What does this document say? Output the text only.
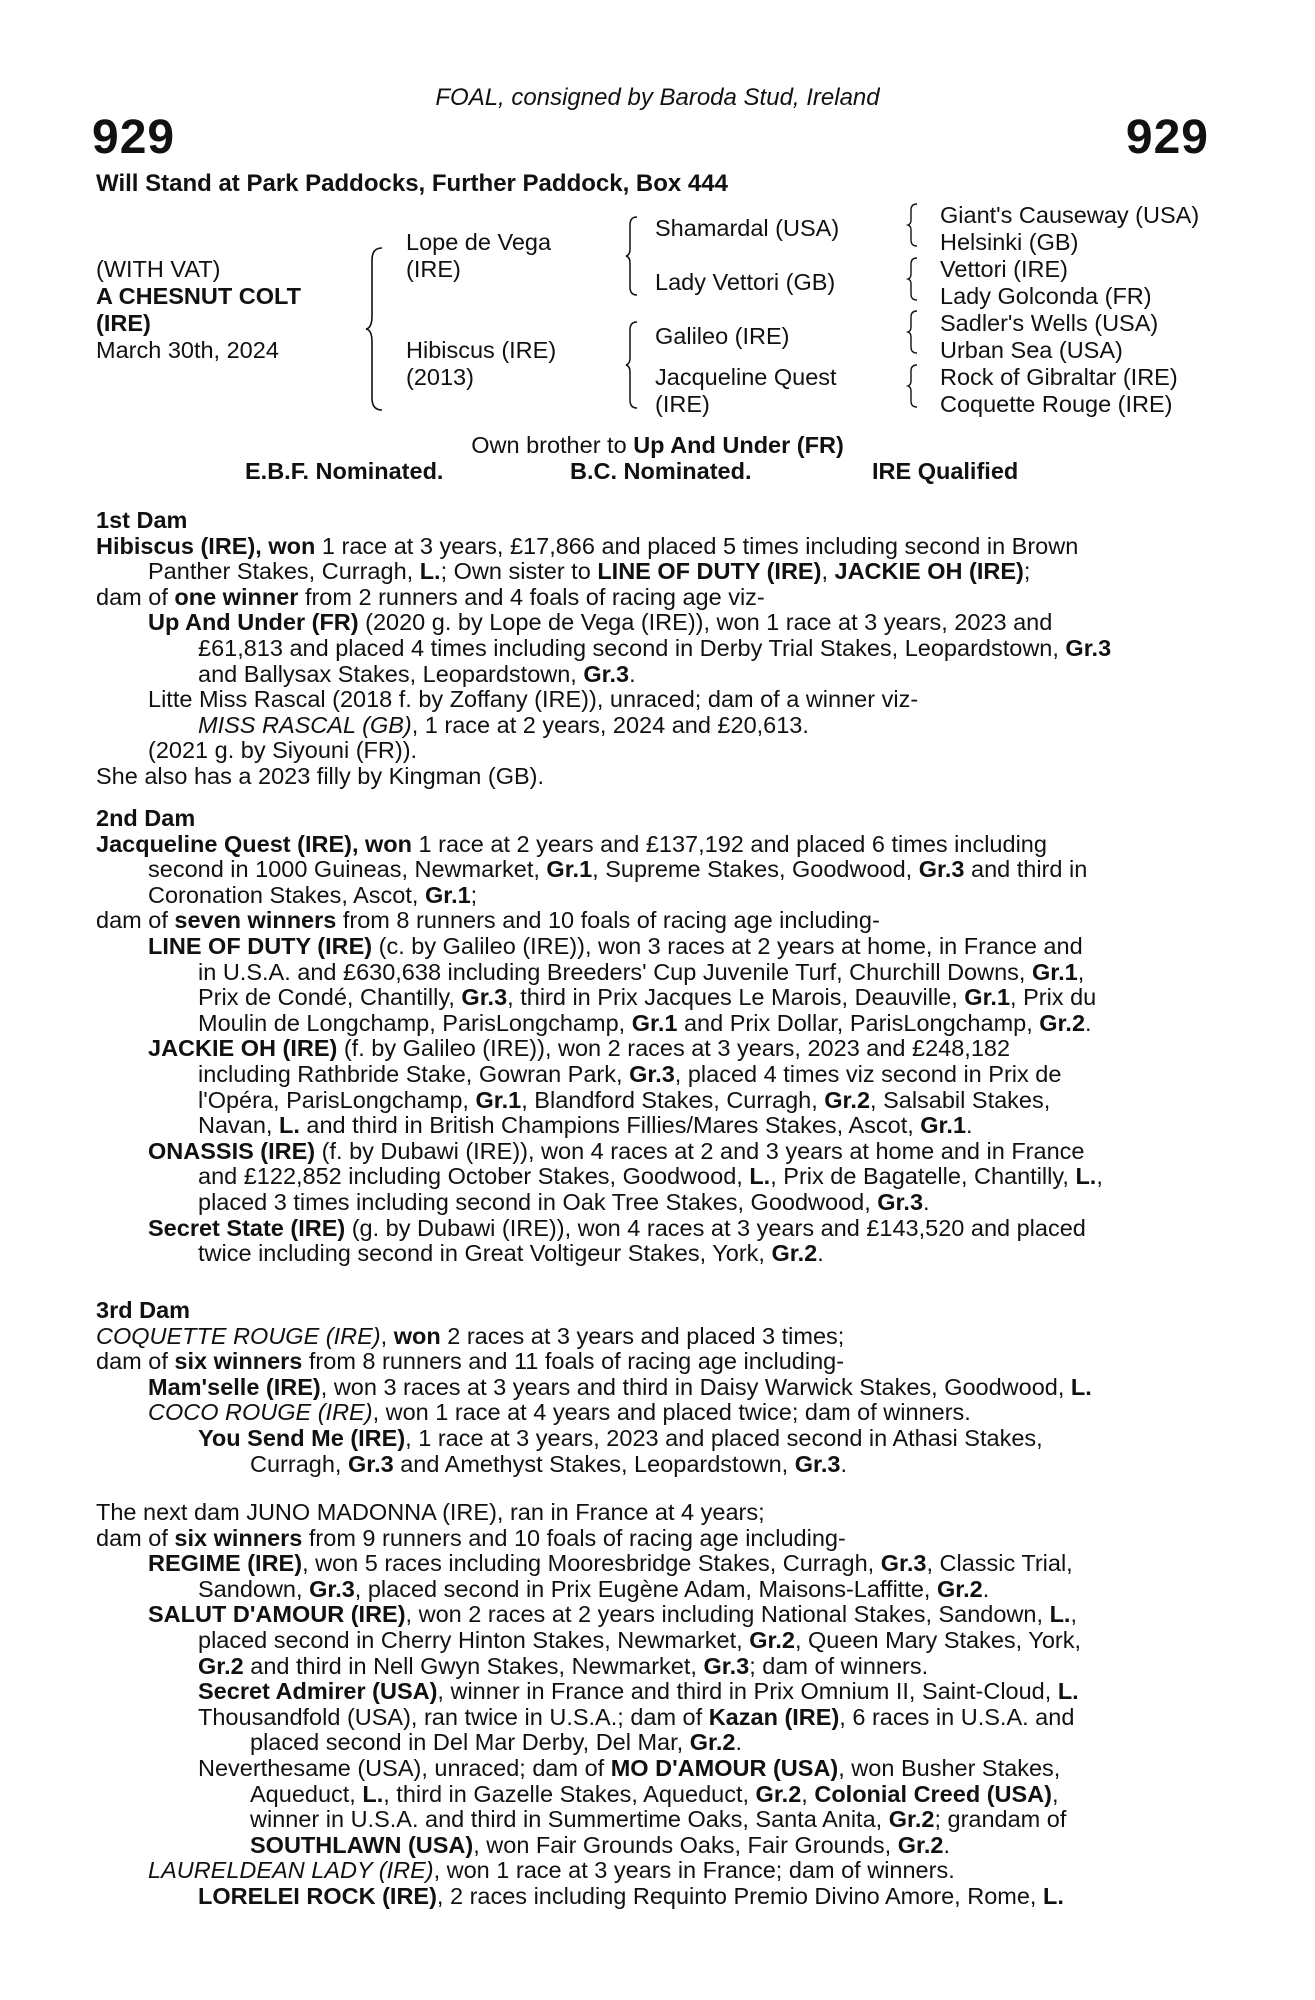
FOAL, consigned by Baroda Stud, Ireland
929	929
Will Stand at Park Paddocks, Further Paddock, Box 444
(WITH VAT)
A CHESNUT COLT
(IRE)
March 30th, 2024
Lope de Vega
(IRE)
Hibiscus (IRE)
(2013)
Shamardal (USA)
Lady Vettori (GB)
Galileo (IRE)
Jacqueline Quest
(IRE)
Giant's Causeway (USA)
Helsinki (GB)
Vettori (IRE)
Lady Golconda (FR)
Sadler's Wells (USA)
Urban Sea (USA)
Rock of Gibraltar (IRE)
Coquette Rouge (IRE)
Own brother to Up And Under (FR)
E.B.F. Nominated.	B.C. Nominated.	IRE Qualified

1st Dam

Hibiscus (IRE), won 1 race at 3 years, £17,866 and placed 5 times including second in Brown

Panther Stakes, Curragh, L.; Own sister to LINE OF DUTY (IRE), JACKIE OH (IRE);

dam of one winner from 2 runners and 4 foals of racing age viz-

Up And Under (FR) (2020 g. by Lope de Vega (IRE)), won 1 race at 3 years, 2023 and

£61,813 and placed 4 times including second in Derby Trial Stakes, Leopardstown, Gr.3

and Ballysax Stakes, Leopardstown, Gr.3.

Litte Miss Rascal (2018 f. by Zoffany (IRE)), unraced; dam of a winner viz-

MISS RASCAL (GB), 1 race at 2 years, 2024 and £20,613.

(2021 g. by Siyouni (FR)).

She also has a 2023 filly by Kingman (GB).

2nd Dam

Jacqueline Quest (IRE), won 1 race at 2 years and £137,192 and placed 6 times including

second in 1000 Guineas, Newmarket, Gr.1, Supreme Stakes, Goodwood, Gr.3 and third in

Coronation Stakes, Ascot, Gr.1;

dam of seven winners from 8 runners and 10 foals of racing age including-

LINE OF DUTY (IRE) (c. by Galileo (IRE)), won 3 races at 2 years at home, in France and

in U.S.A. and £630,638 including Breeders' Cup Juvenile Turf, Churchill Downs, Gr.1,

Prix de Condé, Chantilly, Gr.3, third in Prix Jacques Le Marois, Deauville, Gr.1, Prix du

Moulin de Longchamp, ParisLongchamp, Gr.1 and Prix Dollar, ParisLongchamp, Gr.2.

JACKIE OH (IRE) (f. by Galileo (IRE)), won 2 races at 3 years, 2023 and £248,182

including Rathbride Stake, Gowran Park, Gr.3, placed 4 times viz second in Prix de

l'Opéra, ParisLongchamp, Gr.1, Blandford Stakes, Curragh, Gr.2, Salsabil Stakes,

Navan, L. and third in British Champions Fillies/Mares Stakes, Ascot, Gr.1.

ONASSIS (IRE) (f. by Dubawi (IRE)), won 4 races at 2 and 3 years at home and in France

and £122,852 including October Stakes, Goodwood, L., Prix de Bagatelle, Chantilly, L.,

placed 3 times including second in Oak Tree Stakes, Goodwood, Gr.3.

Secret State (IRE) (g. by Dubawi (IRE)), won 4 races at 3 years and £143,520 and placed

twice including second in Great Voltigeur Stakes, York, Gr.2.

3rd Dam

COQUETTE ROUGE (IRE), won 2 races at 3 years and placed 3 times;

dam of six winners from 8 runners and 11 foals of racing age including-

Mam'selle (IRE), won 3 races at 3 years and third in Daisy Warwick Stakes, Goodwood, L.

COCO ROUGE (IRE), won 1 race at 4 years and placed twice; dam of winners.

You Send Me (IRE), 1 race at 3 years, 2023 and placed second in Athasi Stakes,

Curragh, Gr.3 and Amethyst Stakes, Leopardstown, Gr.3.

The next dam JUNO MADONNA (IRE), ran in France at 4 years;

dam of six winners from 9 runners and 10 foals of racing age including-

REGIME (IRE), won 5 races including Mooresbridge Stakes, Curragh, Gr.3, Classic Trial,

Sandown, Gr.3, placed second in Prix Eugène Adam, Maisons-Laffitte, Gr.2.

SALUT D'AMOUR (IRE), won 2 races at 2 years including National Stakes, Sandown, L.,

placed second in Cherry Hinton Stakes, Newmarket, Gr.2, Queen Mary Stakes, York,

Gr.2 and third in Nell Gwyn Stakes, Newmarket, Gr.3; dam of winners.

Secret Admirer (USA), winner in France and third in Prix Omnium II, Saint-Cloud, L.

Thousandfold (USA), ran twice in U.S.A.; dam of Kazan (IRE), 6 races in U.S.A. and

placed second in Del Mar Derby, Del Mar, Gr.2.

Neverthesame (USA), unraced; dam of MO D'AMOUR (USA), won Busher Stakes,

Aqueduct, L., third in Gazelle Stakes, Aqueduct, Gr.2, Colonial Creed (USA),

winner in U.S.A. and third in Summertime Oaks, Santa Anita, Gr.2; grandam of

SOUTHLAWN (USA), won Fair Grounds Oaks, Fair Grounds, Gr.2.

LAURELDEAN LADY (IRE), won 1 race at 3 years in France; dam of winners.

LORELEI ROCK (IRE), 2 races including Requinto Premio Divino Amore, Rome, L.
